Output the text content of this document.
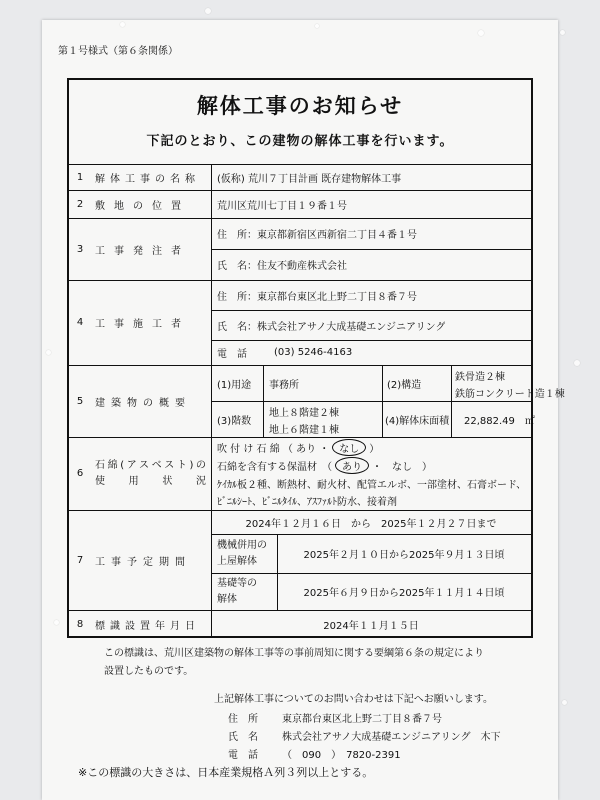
第１号様式（第６条関係）
解体工事のお知らせ
下記のとおり、この建物の解体工事を行います。
1	解体工事の名称	(仮称) 荒川７丁目計画 既存建物解体工事
2	敷地の位置	荒川区荒川七丁目１９番１号
3	工事発注者
住　所：東京都新宿区西新宿二丁目４番１号
氏　名：住友不動産株式会社
4	工事施工者
住　所：東京都台東区北上野二丁目８番７号
氏　名：株式会社アサノ大成基礎エンジニアリング
電　話	(03) 5246-4163
5	建築物の概要
(1)用途 事務所	(2)構造
鉄骨造２棟
鉄筋コンクリート造１棟
(3)階数
地上８階建２棟
地上６階建１棟
(4)解体床面積 22,882.49　㎡
6
石綿(アスベスト)の
使用状況
吹 付 け 石 綿 （ あり ・	なし	）
石綿を含有する保温材　（	あり	・　なし　）
ｹｲｶﾙ板２種、断熱材、耐火材、配管エルボ、一部塗材、石膏ボード、
ﾋﾞﾆﾙｼｰﾄ、ﾋﾞﾆﾙﾀｲﾙ、ｱｽﾌｧﾙﾄ防水、接着剤
7	工事予定期間
2024年１２月１６日　から　2025年１２月２７日まで
機械併用の
上屋解体	2025年２月１０日から2025年９月１３日頃
基礎等の
解体	2025年６月９日から2025年１１月１４日頃
8	標識設置年月日	2024年１１月１５日
この標識は、荒川区建築物の解体工事等の事前周知に関する要綱第６条の規定により
設置したものです。
上記解体工事についてのお問い合わせは下記へお願いします。
住　所 東京都台東区北上野二丁目８番７号
氏　名 株式会社アサノ大成基礎エンジニアリング　木下
電　話 （　090　）　7820-2391
※この標識の大きさは、日本産業規格Ａ列３列以上とする。
